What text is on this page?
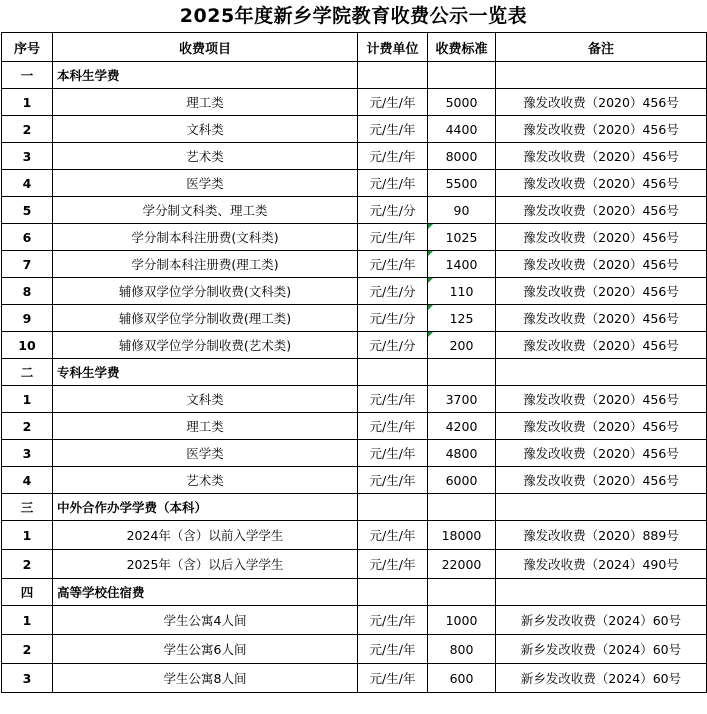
2025年度新乡学院教育收费公示一览表
序号	收费项目	计费单位	收费标准	备注
一	本科生学费			
1	理工类	元/生/年	5000	豫发改收费（2020）456号
2	文科类	元/生/年	4400	豫发改收费（2020）456号
3	艺术类	元/生/年	8000	豫发改收费（2020）456号
4	医学类	元/生/年	5500	豫发改收费（2020）456号
5	学分制文科类、理工类	元/生/分	90	豫发改收费（2020）456号
6	学分制本科注册费(文科类)	元/生/年	1025	豫发改收费（2020）456号
7	学分制本科注册费(理工类)	元/生/年	1400	豫发改收费（2020）456号
8	辅修双学位学分制收费(文科类)	元/生/分	110	豫发改收费（2020）456号
9	辅修双学位学分制收费(理工类)	元/生/分	125	豫发改收费（2020）456号
10	辅修双学位学分制收费(艺术类)	元/生/分	200	豫发改收费（2020）456号
二	专科生学费			
1	文科类	元/生/年	3700	豫发改收费（2020）456号
2	理工类	元/生/年	4200	豫发改收费（2020）456号
3	医学类	元/生/年	4800	豫发改收费（2020）456号
4	艺术类	元/生/年	6000	豫发改收费（2020）456号
三	中外合作办学学费（本科）			
1	2024年（含）以前入学学生	元/生/年	18000	豫发改收费（2020）889号
2	2025年（含）以后入学学生	元/生/年	22000	豫发改收费（2024）490号
四	高等学校住宿费			
1	学生公寓4人间	元/生/年	1000	新乡发改收费（2024）60号
2	学生公寓6人间	元/生/年	800	新乡发改收费（2024）60号
3	学生公寓8人间	元/生/年	600	新乡发改收费（2024）60号
